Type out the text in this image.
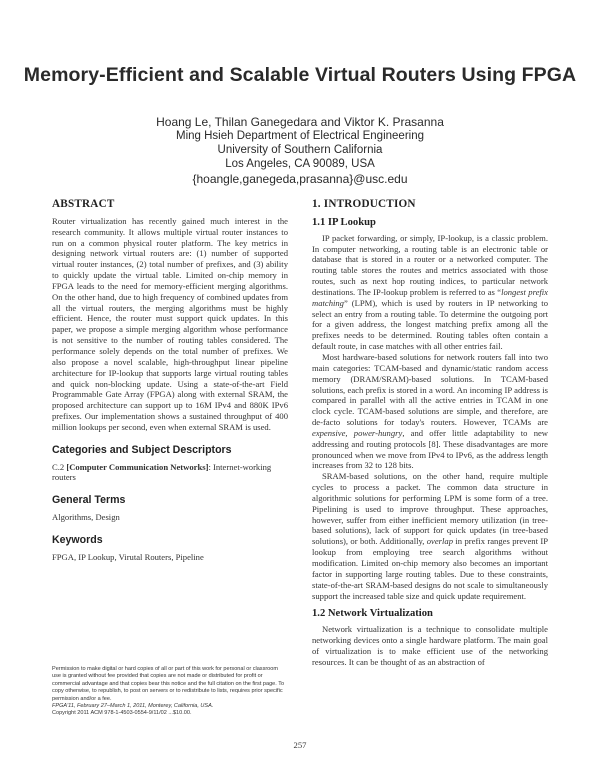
Memory-Efficient and Scalable Virtual Routers Using FPGA
Hoang Le, Thilan Ganegedara and Viktor K. Prasanna
Ming Hsieh Department of Electrical Engineering
University of Southern California
Los Angeles, CA 90089, USA
{hoangle,ganegeda,prasanna}@usc.edu
ABSTRACT

Router virtualization has recently gained much interest in the research community. It allows multiple virtual router instances to run on a common physical router platform. The key metrics in designing network virtual routers are: (1) number of supported virtual router instances, (2) total number of prefixes, and (3) ability to quickly update the virtual table. Limited on-chip memory in FPGA leads to the need for memory-efficient merging algorithms. On the other hand, due to high frequency of combined updates from all the virtual routers, the merging algorithms must be highly efficient. Hence, the router must support quick updates. In this paper, we propose a simple merging algorithm whose performance is not sensitive to the number of routing tables considered. The performance solely depends on the total number of prefixes. We also propose a novel scalable, high-throughput linear pipeline architecture for IP-lookup that supports large virtual routing tables and quick non-blocking update. Using a state-of-the-art Field Programmable Gate Array (FPGA) along with external SRAM, the proposed architecture can support up to 16M IPv4 and 880K IPv6 prefixes. Our implementation shows a sustained throughput of 400 million lookups per second, even when external SRAM is used.

Categories and Subject Descriptors

C.2 [Computer Communication Networks]: Internet-working routers

General Terms

Algorithms, Design

Keywords

FPGA, IP Lookup, Virutal Routers, Pipeline

Permission to make digital or hard copies of all or part of this work for personal or classroom use is granted without fee provided that copies are not made or distributed for profit or commercial advantage and that copies bear this notice and the full citation on the first page. To copy otherwise, to republish, to post on servers or to redistribute to lists, requires prior specific permission and/or a fee.

FPGA'11, February 27–March 1, 2011, Monterey, California, USA.

Copyright 2011 ACM 978-1-4503-0554-9/11/02 ...$10.00.

1. INTRODUCTION
1.1 IP Lookup

IP packet forwarding, or simply, IP-lookup, is a classic problem. In computer networking, a routing table is an electronic table or database that is stored in a router or a networked computer. The routing table stores the routes and metrics associated with those routes, such as next hop routing indices, to particular network destinations. The IP-lookup problem is referred to as “longest prefix matching” (LPM), which is used by routers in IP networking to select an entry from a routing table. To determine the outgoing port for a given address, the longest matching prefix among all the prefixes needs to be determined. Routing tables often contain a default route, in case matches with all other entries fail.

Most hardware-based solutions for network routers fall into two main categories: TCAM-based and dynamic/static random access memory (DRAM/SRAM)-based solutions. In TCAM-based solutions, each prefix is stored in a word. An incoming IP address is compared in parallel with all the active entries in TCAM in one clock cycle. TCAM-based solutions are simple, and therefore, are de-facto solutions for today's routers. However, TCAMs are expensive, power-hungry, and offer little adaptability to new addressing and routing protocols [8]. These disadvantages are more pronounced when we move from IPv4 to IPv6, as the address length increases from 32 to 128 bits.

SRAM-based solutions, on the other hand, require multiple cycles to process a packet. The common data structure in algorithmic solutions for performing LPM is some form of a tree. Pipelining is used to improve throughput. These approaches, however, suffer from either inefficient memory utilization (in tree-based solutions), lack of support for quick updates (in tree-based solutions), or both. Additionally, overlap in prefix ranges prevent IP lookup from employing tree search algorithms without modification. Limited on-chip memory also becomes an important factor in supporting large routing tables. Due to these constraints, state-of-the-art SRAM-based designs do not scale to simultaneously support the increased table size and quick update requirement.

1.2 Network Virtualization

Network virtualization is a technique to consolidate multiple networking devices onto a single hardware platform. The main goal of virtualization is to make efficient use of the networking resources. It can be thought of as an abstraction of

257
